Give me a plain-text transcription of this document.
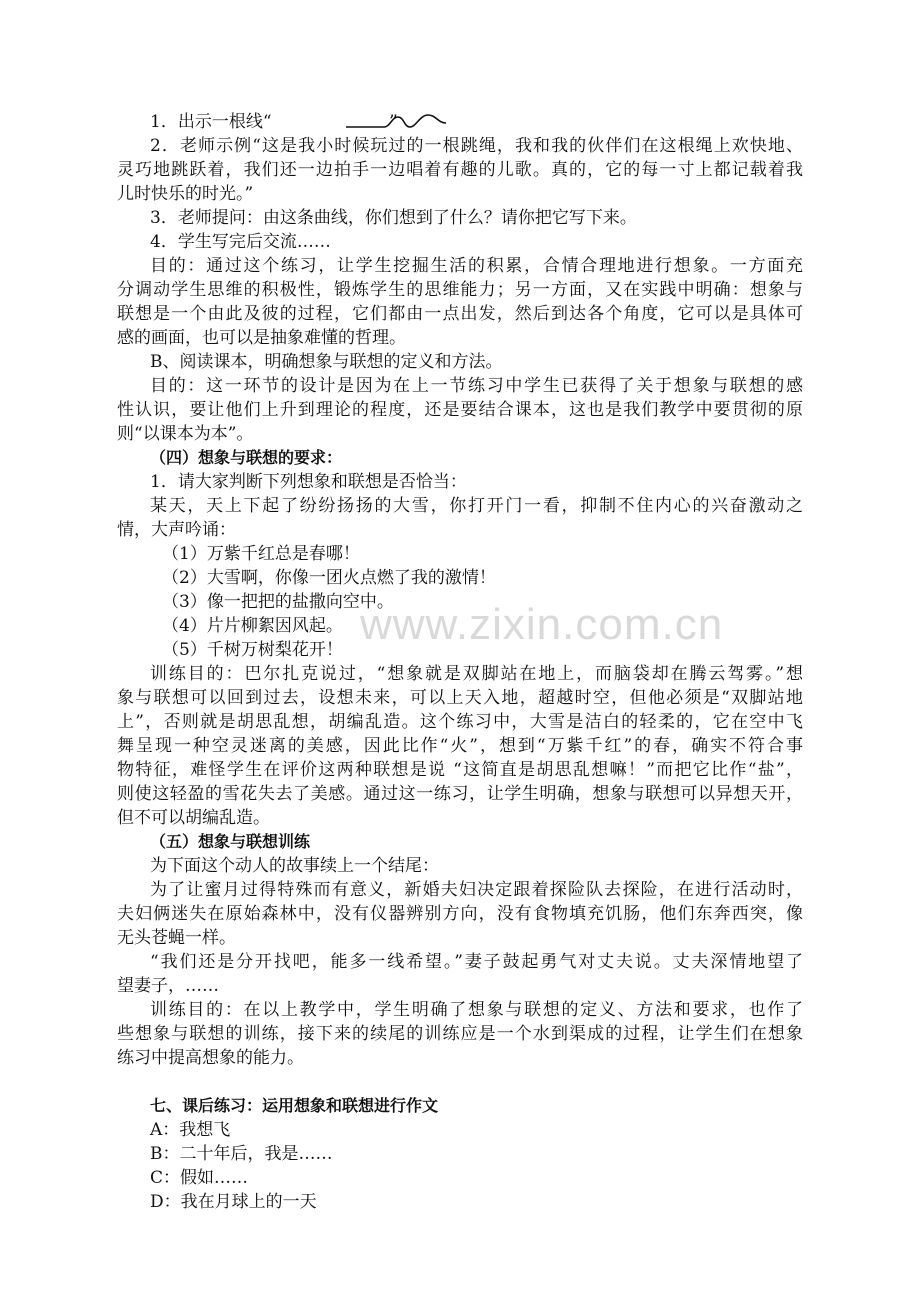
www.zixin.com.cn
1．出示一根线“	”
2．老师示例“这是我小时候玩过的一根跳绳，我和我的伙伴们在这根绳上欢快地、
灵巧地跳跃着，我们还一边拍手一边唱着有趣的儿歌。真的，它的每一寸上都记载着我
儿时快乐的时光。”
3．老师提问：由这条曲线，你们想到了什么？请你把它写下来。
4．学生写完后交流……
目的：通过这个练习，让学生挖掘生活的积累，合情合理地进行想象。一方面充
分调动学生思维的积极性，锻炼学生的思维能力；另一方面，又在实践中明确：想象与
联想是一个由此及彼的过程，它们都由一点出发，然后到达各个角度，它可以是具体可
感的画面，也可以是抽象难懂的哲理。
B、阅读课本，明确想象与联想的定义和方法。
目的：这一环节的设计是因为在上一节练习中学生已获得了关于想象与联想的感
性认识，要让他们上升到理论的程度，还是要结合课本，这也是我们教学中要贯彻的原
则“以课本为本”。
（四）想象与联想的要求：
1．请大家判断下列想象和联想是否恰当：
某天，天上下起了纷纷扬扬的大雪，你打开门一看，抑制不住内心的兴奋激动之
情，大声吟诵：
（1）万紫千红总是春哪！
（2）大雪啊，你像一团火点燃了我的激情！
（3）像一把把的盐撒向空中。
（4）片片柳絮因风起。
（5）千树万树梨花开！
训练目的：巴尔扎克说过，“想象就是双脚站在地上，而脑袋却在腾云驾雾。”想
象与联想可以回到过去，设想未来，可以上天入地，超越时空，但他必须是“双脚站地
上”，否则就是胡思乱想，胡编乱造。这个练习中，大雪是洁白的轻柔的，它在空中飞
舞呈现一种空灵迷离的美感，因此比作“火”，想到“万紫千红”的春，确实不符合事
物特征，难怪学生在评价这两种联想是说 “这简直是胡思乱想嘛！”而把它比作“盐”，
则使这轻盈的雪花失去了美感。通过这一练习，让学生明确，想象与联想可以异想天开，
但不可以胡编乱造。
（五）想象与联想训练
为下面这个动人的故事续上一个结尾：
为了让蜜月过得特殊而有意义，新婚夫妇决定跟着探险队去探险，在进行活动时，
夫妇俩迷失在原始森林中，没有仪器辨别方向，没有食物填充饥肠，他们东奔西突，像
无头苍蝇一样。
“我们还是分开找吧，能多一线希望。”妻子鼓起勇气对丈夫说。丈夫深情地望了
望妻子，……
训练目的：在以上教学中，学生明确了想象与联想的定义、方法和要求，也作了
些想象与联想的训练，接下来的续尾的训练应是一个水到渠成的过程，让学生们在想象
练习中提高想象的能力。
七、课后练习：运用想象和联想进行作文
A：我想飞
B：二十年后，我是……
C：假如……
D：我在月球上的一天
